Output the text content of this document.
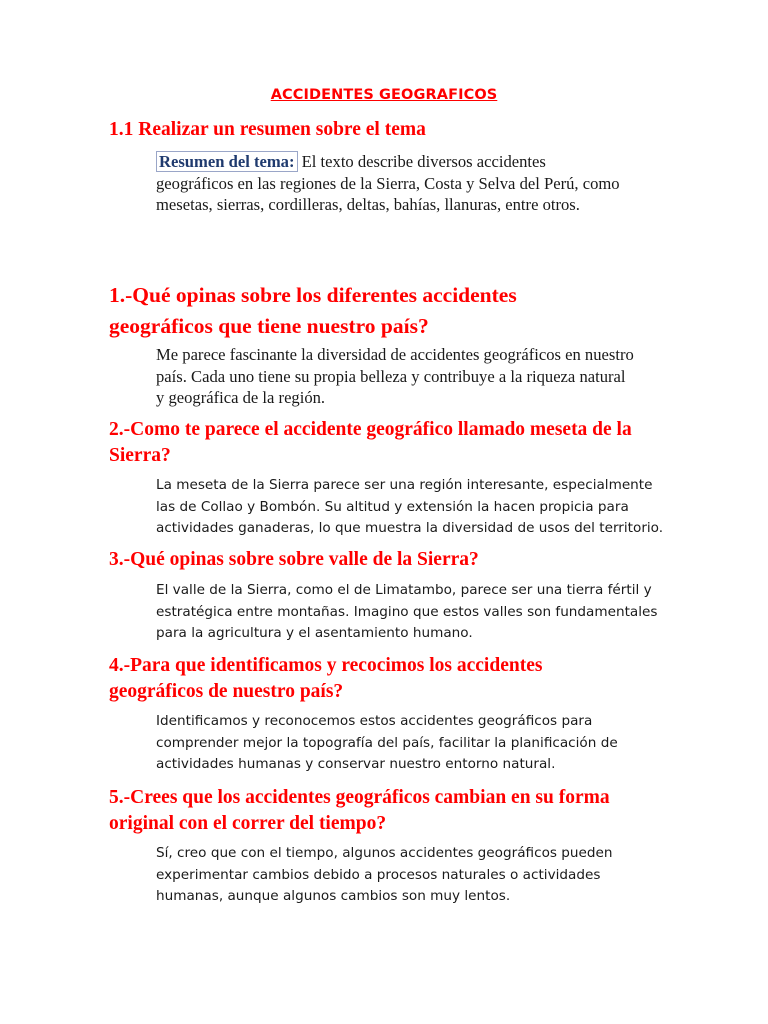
ACCIDENTES GEOGRAFICOS
1.1 Realizar un resumen sobre el tema

Resumen del tema: El texto describe diversos accidentes geográficos en las regiones de la Sierra, Costa y Selva del Perú, como mesetas, sierras, cordilleras, deltas, bahías, llanuras, entre otros.

1.-Qué opinas sobre los diferentes accidentes geográficos que tiene nuestro país?

Me parece fascinante la diversidad de accidentes geográficos en nuestro país. Cada uno tiene su propia belleza y contribuye a la riqueza natural y geográfica de la región.

2.-Como te parece el accidente geográfico llamado meseta de la Sierra?

La meseta de la Sierra parece ser una región interesante, especialmente las de Collao y Bombón. Su altitud y extensión la hacen propicia para actividades ganaderas, lo que muestra la diversidad de usos del territorio.

3.-Qué opinas sobre sobre valle de la Sierra?

El valle de la Sierra, como el de Limatambo, parece ser una tierra fértil y estratégica entre montañas. Imagino que estos valles son fundamentales para la agricultura y el asentamiento humano.

4.-Para que identificamos y recocimos los accidentes geográficos de nuestro país?

Identificamos y reconocemos estos accidentes geográficos para comprender mejor la topografía del país, facilitar la planificación de actividades humanas y conservar nuestro entorno natural.

5.-Crees que los accidentes geográficos cambian en su forma original con el correr del tiempo?

Sí, creo que con el tiempo, algunos accidentes geográficos pueden experimentar cambios debido a procesos naturales o actividades humanas, aunque algunos cambios son muy lentos.
